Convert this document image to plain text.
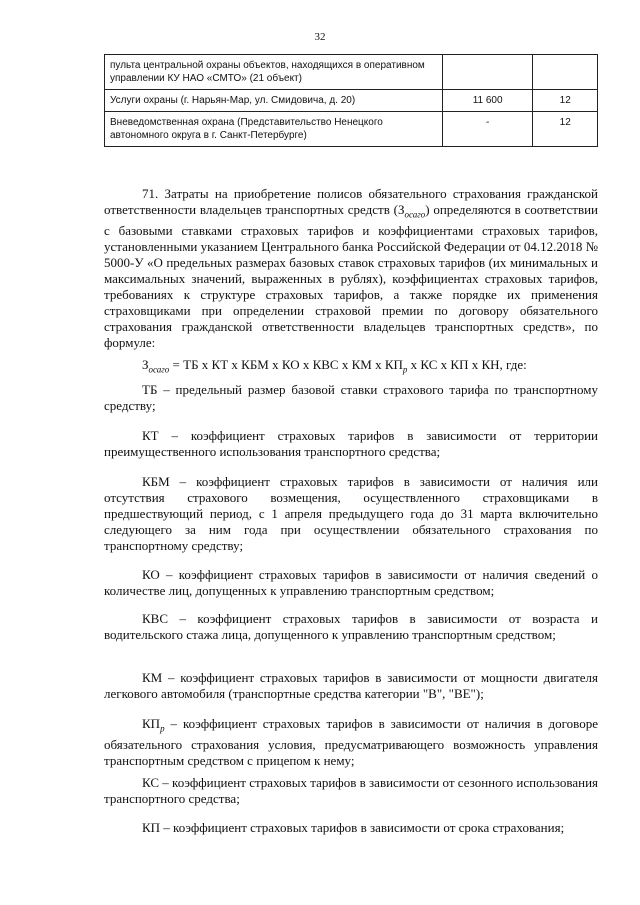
32
пульта центральной охраны объектов, находящихся в оперативном управлении КУ НАО «СМТО» (21 объект)		
Услуги охраны (г. Нарьян-Мар, ул. Смидовича, д. 20)	11 600	12
Вневедомственная охрана (Представительство Ненецкого автономного округа в г. Санкт-Петербурге)	-	12

71. Затраты на приобретение полисов обязательного страхования гражданской ответственности владельцев транспортных средств $(З_{осаго})$ определяются в соответствии с базовыми ставками страховых тарифов и коэффициентами страховых тарифов, установленными указанием Центрального банка Российской Федерации от 04.12.2018 № 5000-У «О предельных размерах базовых ставок страховых тарифов (их минимальных и максимальных значений, выраженных в рублях), коэффициентах страховых тарифов, требованиях к структуре страховых тарифов, а также порядке их применения страховщиками при определении страховой премии по договору обязательного страхования гражданской ответственности владельцев транспортных средств», по формуле:

$З_{осаго}$ = ТБ х КТ х КБМ х КО х КВС х КМ х $КП_р$ х КС х КП х КН, где:

ТБ – предельный размер базовой ставки страхового тарифа по транспортному средству;

КТ – коэффициент страховых тарифов в зависимости от территории преимущественного использования транспортного средства;

КБМ – коэффициент страховых тарифов в зависимости от наличия или отсутствия страхового возмещения, осуществленного страховщиками в предшествующий период, с 1 апреля предыдущего года до 31 марта включительно следующего за ним года при осуществлении обязательного страхования по транспортному средству;

КО – коэффициент страховых тарифов в зависимости от наличия сведений о количестве лиц, допущенных к управлению транспортным средством;

КВС – коэффициент страховых тарифов в зависимости от возраста и водительского стажа лица, допущенного к управлению транспортным средством;

КМ – коэффициент страховых тарифов в зависимости от мощности двигателя легкового автомобиля (транспортные средства категории "В", "ВЕ");

$КП_р$ – коэффициент страховых тарифов в зависимости от наличия в договоре обязательного страхования условия, предусматривающего возможность управления транспортным средством с прицепом к нему;

КС – коэффициент страховых тарифов в зависимости от сезонного использования транспортного средства;

КП – коэффициент страховых тарифов в зависимости от срока страхования;
